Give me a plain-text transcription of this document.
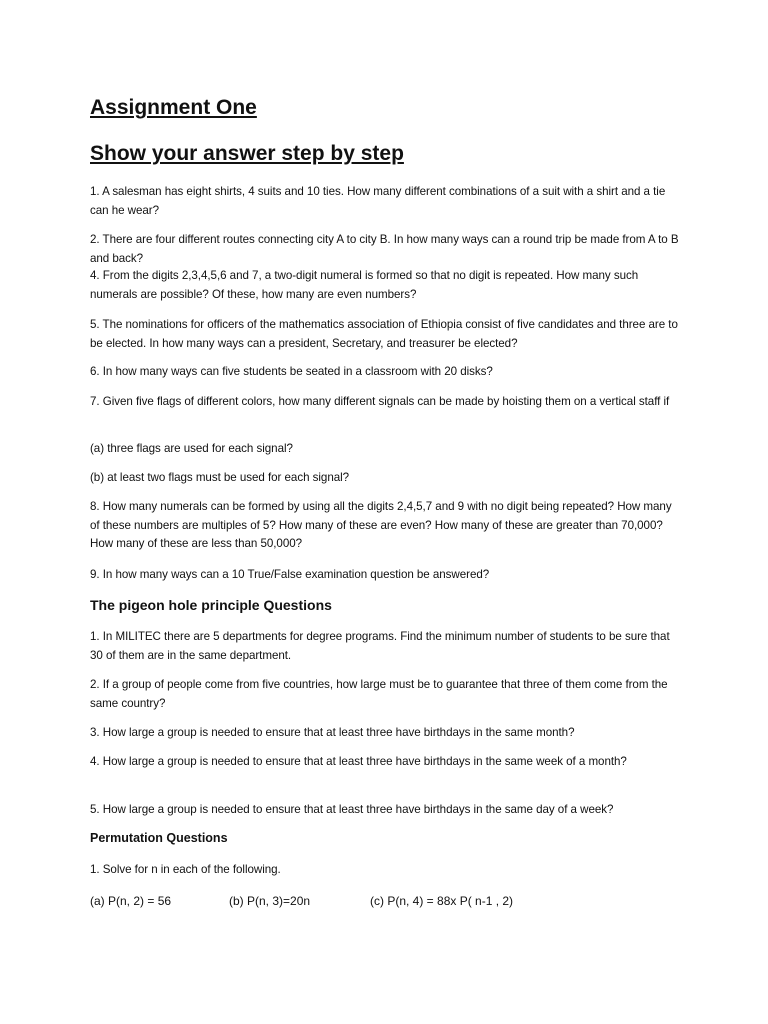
Assignment One
Show your answer step by step
1. A salesman has eight shirts, 4 suits and 10 ties. How many different combinations of a suit with a shirt and a tie can he wear?
2. There are four different routes connecting city A to city B. In how many ways can a round trip be made from A to B and back?
4. From the digits 2,3,4,5,6 and 7, a two-digit numeral is formed so that no digit is repeated. How many such numerals are possible? Of these, how many are even numbers?
5. The nominations for officers of the mathematics association of Ethiopia consist of five candidates and three are to be elected. In how many ways can a president, Secretary, and treasurer be elected?
6. In how many ways can five students be seated in a classroom with 20 disks?
7. Given five flags of different colors, how many different signals can be made by hoisting them on a vertical staff if
(a) three flags are used for each signal?
(b) at least two flags must be used for each signal?
8. How many numerals can be formed by using all the digits 2,4,5,7 and 9 with no digit being repeated? How many of these numbers are multiples of 5? How many of these are even? How many of these are greater than 70,000? How many of these are less than 50,000?
9. In how many ways can a 10 True/False examination question be answered?
The pigeon hole principle Questions
1. In MILITEC there are 5 departments for degree programs. Find the minimum number of students to be sure that 30 of them are in the same department.
2. If a group of people come from five countries, how large must be to guarantee that three of them come from the same country?
3. How large a group is needed to ensure that at least three have birthdays in the same month?
4. How large a group is needed to ensure that at least three have birthdays in the same week of a month?
5. How large a group is needed to ensure that at least three have birthdays in the same day of a week?
Permutation Questions
1. Solve for n in each of the following.
(a) P(n, 2) = 56	(b) P(n, 3)=20n	(c) P(n, 4) = 88x P( n-1 , 2)
